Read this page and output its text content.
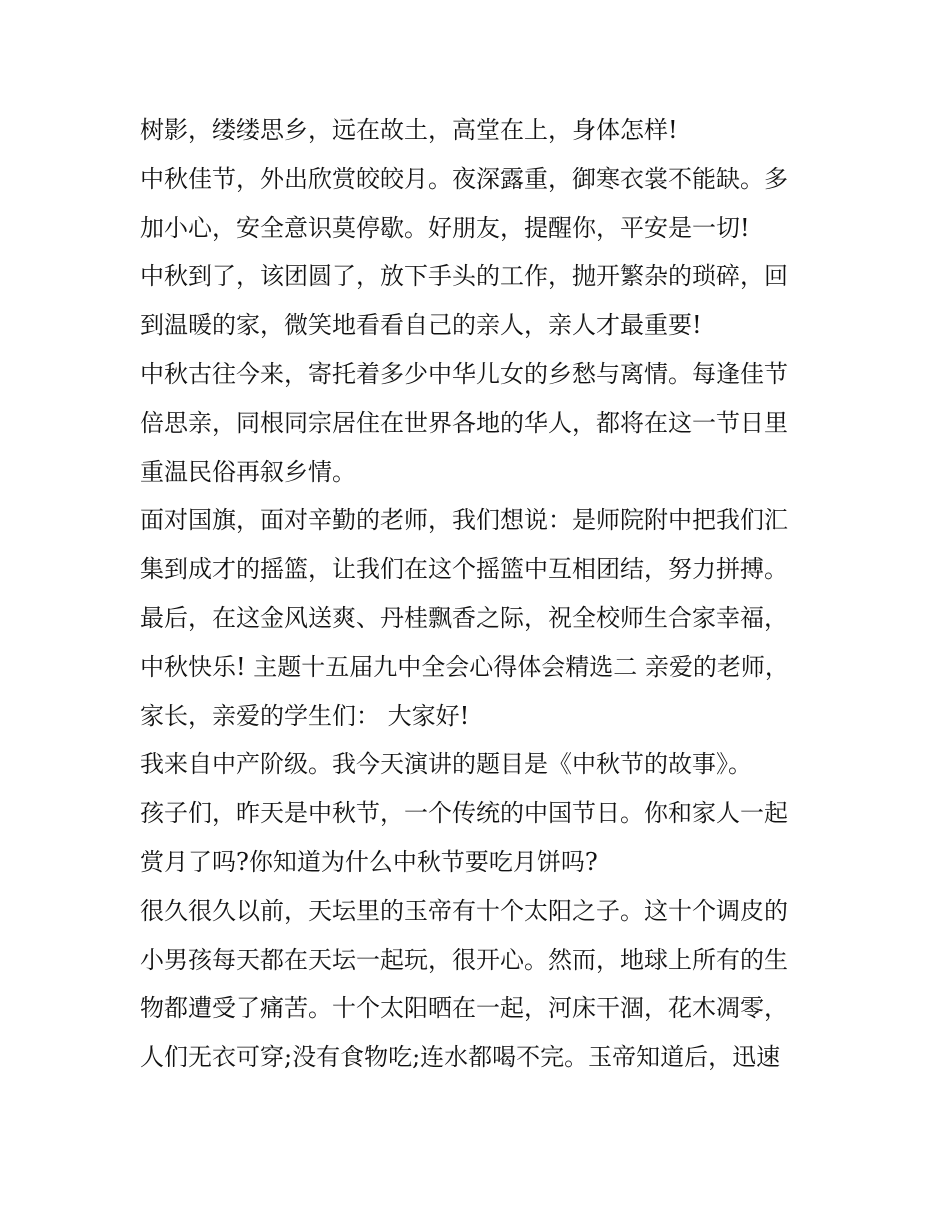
树影，缕缕思乡，远在故土，高堂在上，身体怎样!
中秋佳节，外出欣赏皎皎月。夜深露重，御寒衣裳不能缺。多
加小心，安全意识莫停歇。好朋友，提醒你，平安是一切!
中秋到了，该团圆了，放下手头的工作，抛开繁杂的琐碎，回
到温暖的家，微笑地看看自己的亲人，亲人才最重要!
中秋古往今来，寄托着多少中华儿女的乡愁与离情。每逢佳节
倍思亲，同根同宗居住在世界各地的华人，都将在这一节日里
重温民俗再叙乡情。
面对国旗，面对辛勤的老师，我们想说：是师院附中把我们汇
集到成才的摇篮，让我们在这个摇篮中互相团结，努力拼搏。
最后，在这金风送爽、丹桂飘香之际，祝全校师生合家幸福，
中秋快乐! 主题十五届九中全会心得体会精选二 亲爱的老师，
家长，亲爱的学生们： 大家好!
我来自中产阶级。我今天演讲的题目是《中秋节的故事》。
孩子们，昨天是中秋节，一个传统的中国节日。你和家人一起
赏月了吗?你知道为什么中秋节要吃月饼吗?
很久很久以前，天坛里的玉帝有十个太阳之子。这十个调皮的
小男孩每天都在天坛一起玩，很开心。然而，地球上所有的生
物都遭受了痛苦。十个太阳晒在一起，河床干涸，花木凋零，
人们无衣可穿;没有食物吃;连水都喝不完。玉帝知道后，迅速
